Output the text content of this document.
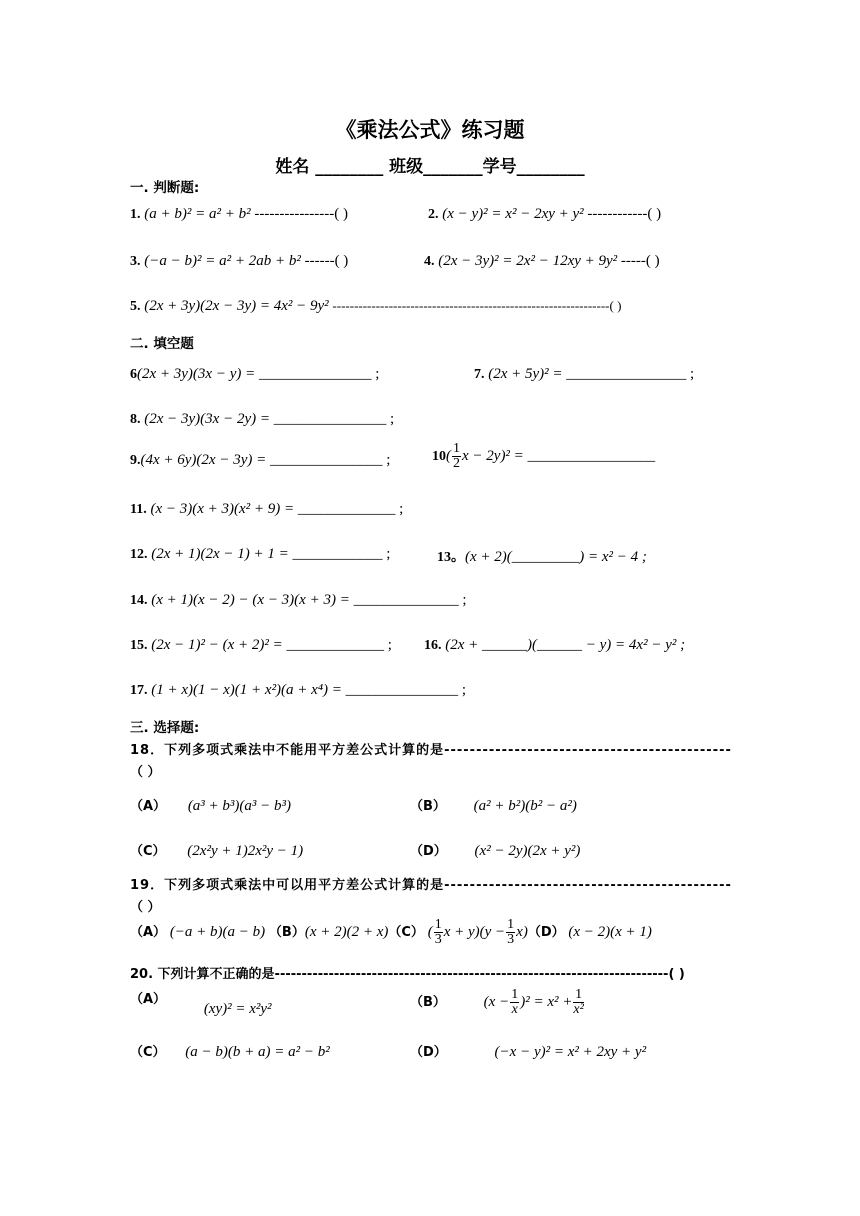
《乘法公式》练习题
姓名 ________ 班级_______学号________
一. 判断题:
1. (a + b)² = a² + b² ----------------( )	2. (x − y)² = x² − 2xy + y² ------------( )
3. (−a − b)² = a² + 2ab + b² ------( )	4. (2x − 3y)² = 2x² − 12xy + 9y² -----( )
5. (2x + 3y)(2x − 3y) = 4x² − 9y² ----------------------------------------------------------------( )
二. 填空题
6(2x + 3y)(3x − y) = _______________ ;	7. (2x + 5y)² = ________________ ;
8. (2x − 3y)(3x − 2y) = _______________ ;
9.(4x + 6y)(2x − 3y) = _______________ ;	$10( \frac{1}{2}$ x − 2y)² = _________________
11. (x − 3)(x + 3)(x² + 9) = _____________ ;
12. (2x + 1)(2x − 1) + 1 = ____________ ;	13。(x + 2)(_________) = x² − 4 ;
14. (x + 1)(x − 2) − (x − 3)(x + 3) = ______________ ;
15. (2x − 1)² − (x + 2)² = _____________ ; 16. (2x + ______)(______ − y) = 4x² − y² ;
17. (1 + x)(1 − x)(1 + x²)(a + x⁴) = _______________ ;
三. 选择题:
18．下列多项式乘法中不能用平方差公式计算的是---------------------------------------------
（ ）
（A） (a³ + b³)(a³ − b³)	（B） (a² + b²)(b² − a²)
（C） (2x²y + 1)2x²y − 1)	（D） (x² − 2y)(2x + y²)
19．下列多项式乘法中可以用平方差公式计算的是---------------------------------------------
（ ）
（A） (−a + b)(a − b) （B）(x + 2)(2 + x)（C） ( $\frac{1}{3}$ $x + y)(y - \frac{1}{3} x)(D) (x - 2)(x + 1)$
20. 下列计算不正确的是-------------------------------------------------------------------------( )
（A） (xy)² = x²y²	（B）	$(x - \frac{1}{x} )^2 = x^2 + \frac{1}{\text{x²}}$
（C） (a − b)(b + a) = a² − b²	（D）	(−x − y)² = x² + 2xy + y²
